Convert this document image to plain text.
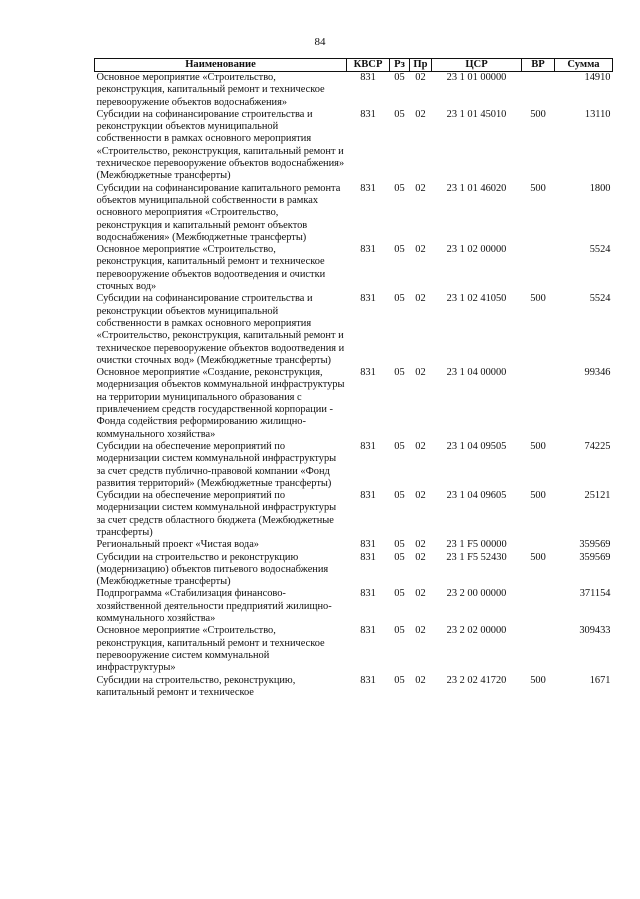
84
Наименование	КВСР	Рз	Пр	ЦСР	ВР	Сумма
Основное мероприятие «Строительство, реконструкция, капитальный ремонт и техническое перевооружение объектов водоснабжения»	831	05	02	23 1 01 00000		14910
Субсидии на софинансирование строительства и реконструкции объектов муниципальной собственности в рамках основного мероприятия «Строительство, реконструкция, капитальный ремонт и техническое перевооружение объектов водоснабжения» (Межбюджетные трансферты)	831	05	02	23 1 01 45010	500	13110
Субсидии на софинансирование капитального ремонта объектов муниципальной собственности в рамках основного мероприятия «Строительство, реконструкция и капитальный ремонт объектов водоснабжения» (Межбюджетные трансферты)	831	05	02	23 1 01 46020	500	1800
Основное мероприятие «Строительство, реконструкция, капитальный ремонт и техническое перевооружение объектов водоотведения и очистки сточных вод»	831	05	02	23 1 02 00000		5524
Субсидии на софинансирование строительства и реконструкции объектов муниципальной собственности в рамках основного мероприятия «Строительство, реконструкция, капитальный ремонт и техническое перевооружение объектов водоотведения и очистки сточных вод» (Межбюджетные трансферты)	831	05	02	23 1 02 41050	500	5524
Основное мероприятие «Создание, реконструкция, модернизация объектов коммунальной инфраструктуры на территории муниципального образования с привлечением средств государственной корпорации - Фонда содействия реформированию жилищно-коммунального хозяйства»	831	05	02	23 1 04 00000		99346
Субсидии на обеспечение мероприятий по модернизации систем коммунальной инфраструктуры за счет средств публично-правовой компании «Фонд развития территорий» (Межбюджетные трансферты)	831	05	02	23 1 04 09505	500	74225
Субсидии на обеспечение мероприятий по модернизации систем коммунальной инфраструктуры за счет средств областного бюджета (Межбюджетные трансферты)	831	05	02	23 1 04 09605	500	25121
Региональный проект «Чистая вода»	831	05	02	23 1 F5 00000		359569
Субсидии на строительство и реконструкцию (модернизацию) объектов питьевого водоснабжения (Межбюджетные трансферты)	831	05	02	23 1 F5 52430	500	359569
Подпрограмма «Стабилизация финансово-хозяйственной деятельности предприятий жилищно-коммунального хозяйства»	831	05	02	23 2 00 00000		371154
Основное мероприятие «Строительство, реконструкция, капитальный ремонт и техническое перевооружение систем коммунальной инфраструктуры»	831	05	02	23 2 02 00000		309433
Субсидии на строительство, реконструкцию, капитальный ремонт и техническое	831	05	02	23 2 02 41720	500	1671
